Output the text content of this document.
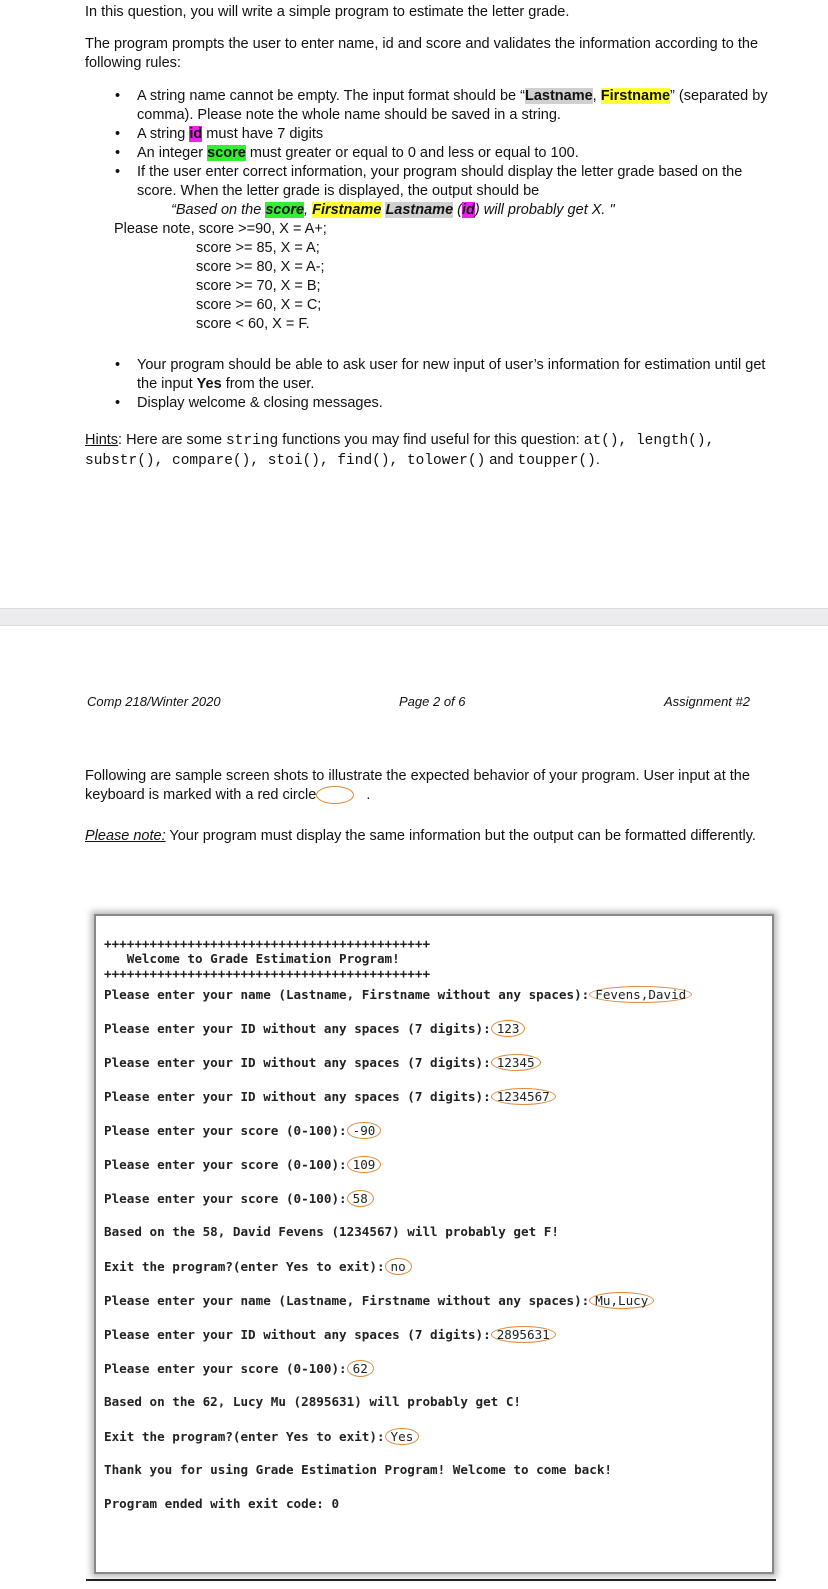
In this question, you will write a simple program to estimate the letter grade.
The program prompts the user to enter name, id and score and validates the information according to the following rules:
• A string name cannot be empty. The input format should be “Lastname, Firstname” (separated by comma). Please note the whole name should be saved in a string.
• A string id must have 7 digits
• An integer score must greater or equal to 0 and less or equal to 100.
• If the user enter correct information, your program should display the letter grade based on the score. When the letter grade is displayed, the output should be
“Based on the score, Firstname Lastname (id) will probably get X. "
Please note, score >=90, X = A+;
score >= 85, X = A;
score >= 80, X = A-;
score >= 70, X = B;
score >= 60, X = C;
score < 60, X = F.
• Your program should be able to ask user for new input of user’s information for estimation until get the input Yes from the user.
• Display welcome & closing messages.
Hints: Here are some string functions you may find useful for this question: at(), length(), substr(), compare(), stoi(), find(), tolower() and toupper().
Comp 218/Winter 2020	Page 2 of 6	Assignment #2
Following are sample screen shots to illustrate the expected behavior of your program. User input at the keyboard is marked with a red circle	.
Please note: Your program must display the same information but the output can be formatted differently.
+++++++++++++++++++++++++++++++++++++++++++
Welcome to Grade Estimation Program!
+++++++++++++++++++++++++++++++++++++++++++
Please enter your name (Lastname, Firstname without any spaces): Fevens,David
Please enter your ID without any spaces (7 digits): 123
Please enter your ID without any spaces (7 digits): 12345
Please enter your ID without any spaces (7 digits): 1234567
Please enter your score (0-100): -90
Please enter your score (0-100): 109
Please enter your score (0-100): 58
Based on the 58, David Fevens (1234567) will probably get F!
Exit the program?(enter Yes to exit): no
Please enter your name (Lastname, Firstname without any spaces): Mu,Lucy
Please enter your ID without any spaces (7 digits): 2895631
Please enter your score (0-100): 62
Based on the 62, Lucy Mu (2895631) will probably get C!
Exit the program?(enter Yes to exit): Yes
Thank you for using Grade Estimation Program! Welcome to come back!
Program ended with exit code: 0
